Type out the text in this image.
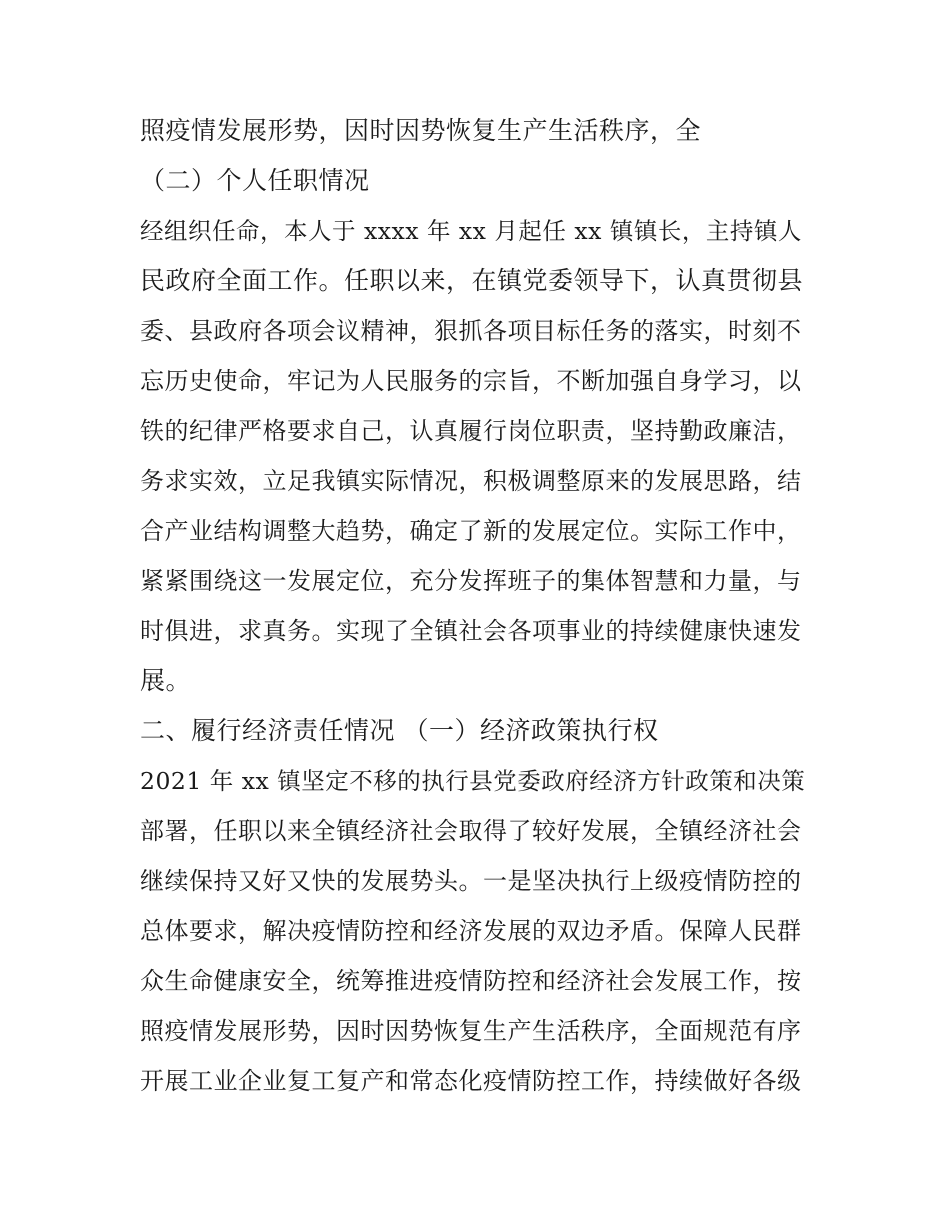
照疫情发展形势，因时因势恢复生产生活秩序，全
（二）个人任职情况
经组织任命，本人于 xxxx 年 xx 月起任 xx 镇镇长，主持镇人
民政府全面工作。任职以来，在镇党委领导下，认真贯彻县
委、县政府各项会议精神，狠抓各项目标任务的落实，时刻不
忘历史使命，牢记为人民服务的宗旨，不断加强自身学习，以
铁的纪律严格要求自己，认真履行岗位职责，坚持勤政廉洁，
务求实效，立足我镇实际情况，积极调整原来的发展思路，结
合产业结构调整大趋势，确定了新的发展定位。实际工作中，
紧紧围绕这一发展定位，充分发挥班子的集体智慧和力量，与
时俱进，求真务。实现了全镇社会各项事业的持续健康快速发
展。
二、履行经济责任情况 （一）经济政策执行权
2021 年 xx 镇坚定不移的执行县党委政府经济方针政策和决策
部署，任职以来全镇经济社会取得了较好发展，全镇经济社会
继续保持又好又快的发展势头。一是坚决执行上级疫情防控的
总体要求，解决疫情防控和经济发展的双边矛盾。保障人民群
众生命健康安全，统筹推进疫情防控和经济社会发展工作，按
照疫情发展形势，因时因势恢复生产生活秩序，全面规范有序
开展工业企业复工复产和常态化疫情防控工作，持续做好各级
